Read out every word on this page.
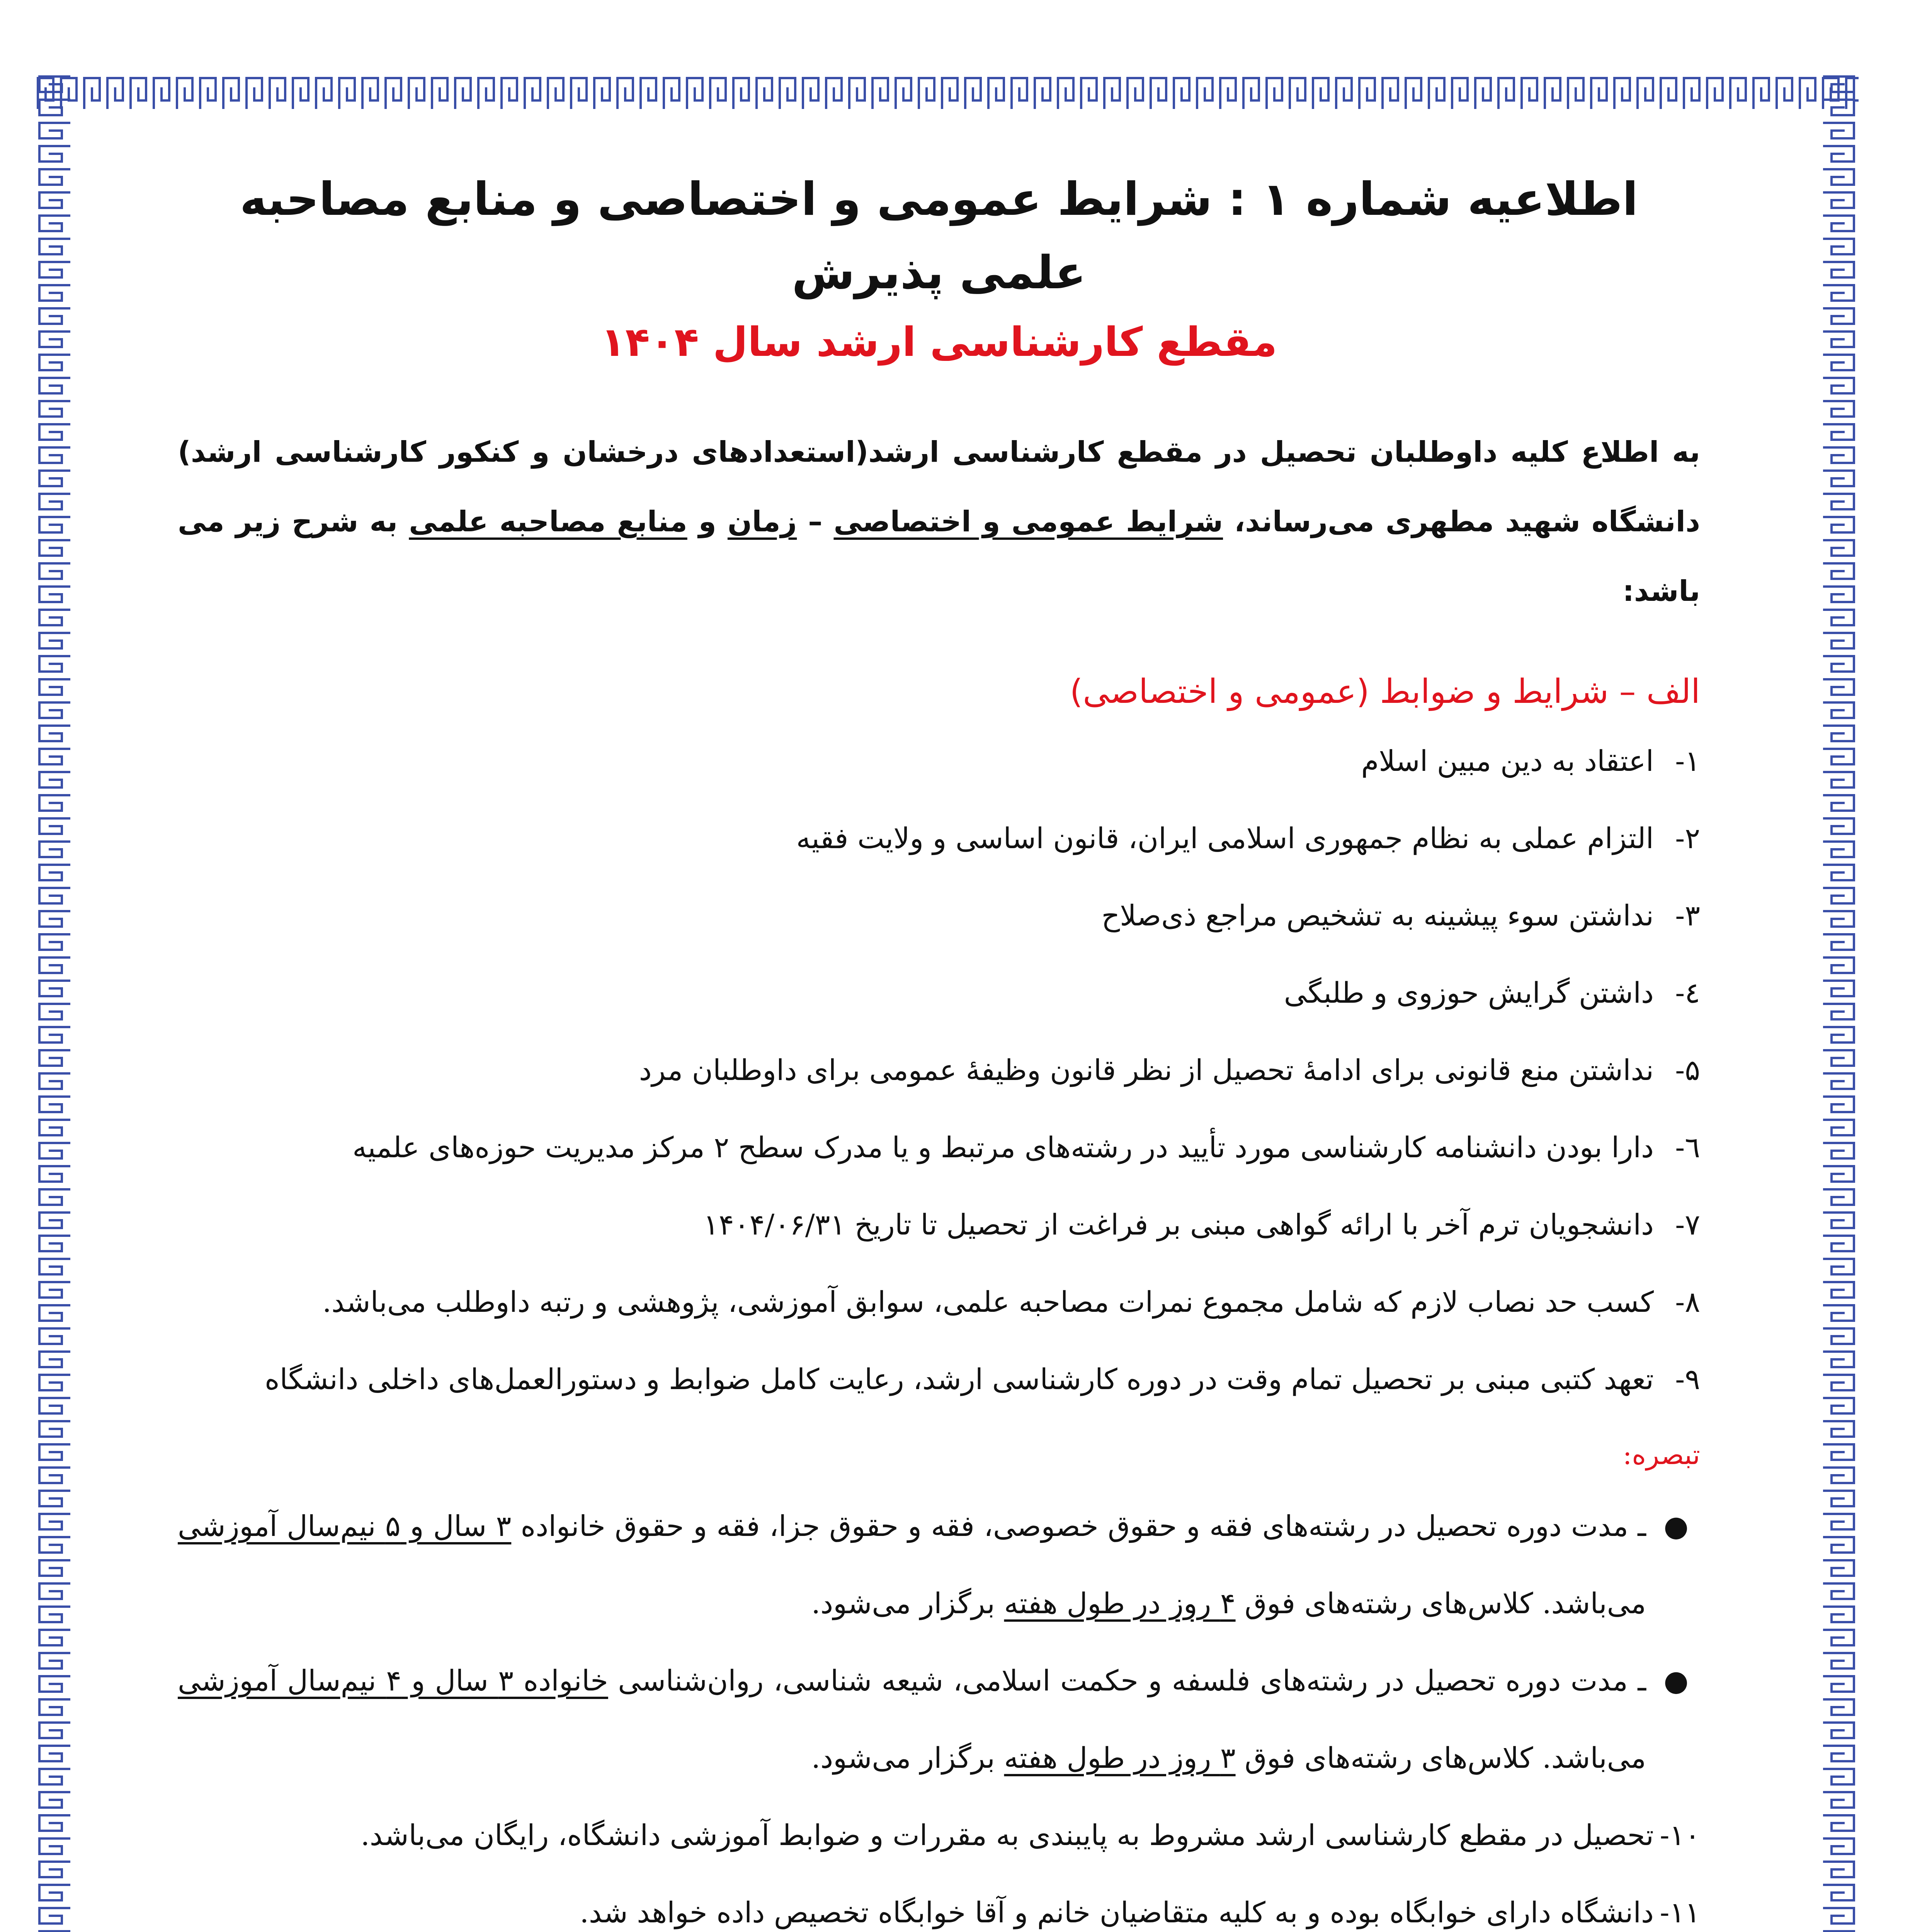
اطلاعیه شماره ۱ : شرایط عمومی و اختصاصی و منابع مصاحبه علمی پذیرش
مقطع کارشناسی ارشد سال ۱۴۰۴

به اطلاع کلیه داوطلبان تحصیل در مقطع کارشناسی ارشد(استعدادهای درخشان و کنکور کارشناسی ارشد) دانشگاه شهید مطهری می‌رساند، شرایط عمومی و اختصاصی – زمان و منابع مصاحبه علمی به شرح زیر می باشد:

الف – شرایط و ضوابط (عمومی و اختصاصی)
۱-
اعتقاد به دین مبین اسلام
۲-
التزام عملی به نظام جمهوری اسلامی ایران، قانون اساسی و ولایت فقیه
۳-
نداشتن سوء پیشینه به تشخیص مراجع ذی‌صلاح
٤-
داشتن گرایش حوزوی و طلبگی
۵-
نداشتن منع قانونی برای ادامهٔ تحصیل از نظر قانون وظیفهٔ عمومی برای داوطلبان مرد
٦-
دارا بودن دانشنامه کارشناسی مورد تأیید در رشته‌های مرتبط و یا مدرک سطح ۲ مرکز مدیریت حوزه‌های علمیه
۷-
دانشجویان ترم آخر با ارائه گواهی مبنی بر فراغت از تحصیل تا تاریخ ۱۴۰۴/۰۶/۳۱
۸-
کسب حد نصاب لازم که شامل مجموع نمرات مصاحبه علمی، سوابق آموزشی، پژوهشی و رتبه داوطلب می‌باشد.
۹-
تعهد کتبی مبنی بر تحصیل تمام وقت در دوره کارشناسی ارشد، رعایت کامل ضوابط و دستورالعمل‌های داخلی دانشگاه
تبصره:
●
ـ مدت دوره تحصیل در رشته‌های فقه و حقوق خصوصی، فقه و حقوق جزا، فقه و حقوق خانواده ۳ سال و ۵ نیم‌سال آموزشی می‌باشد. کلاس‌های رشته‌های فوق ۴ روز در طول هفته برگزار می‌شود.
●
ـ مدت دوره تحصیل در رشته‌های فلسفه و حکمت اسلامی، شیعه شناسی، روان‌شناسی خانواده ۳ سال و ۴ نیم‌سال آموزشی می‌باشد. کلاس‌های رشته‌های فوق ۳ روز در طول هفته برگزار می‌شود.
۱۰-
تحصیل در مقطع کارشناسی ارشد مشروط به پایبندی به مقررات و ضوابط آموزشی دانشگاه، رایگان می‌باشد.
۱۱-
دانشگاه دارای خوابگاه بوده و به کلیه متقاضیان خانم و آقا خوابگاه تخصیص داده خواهد شد.
